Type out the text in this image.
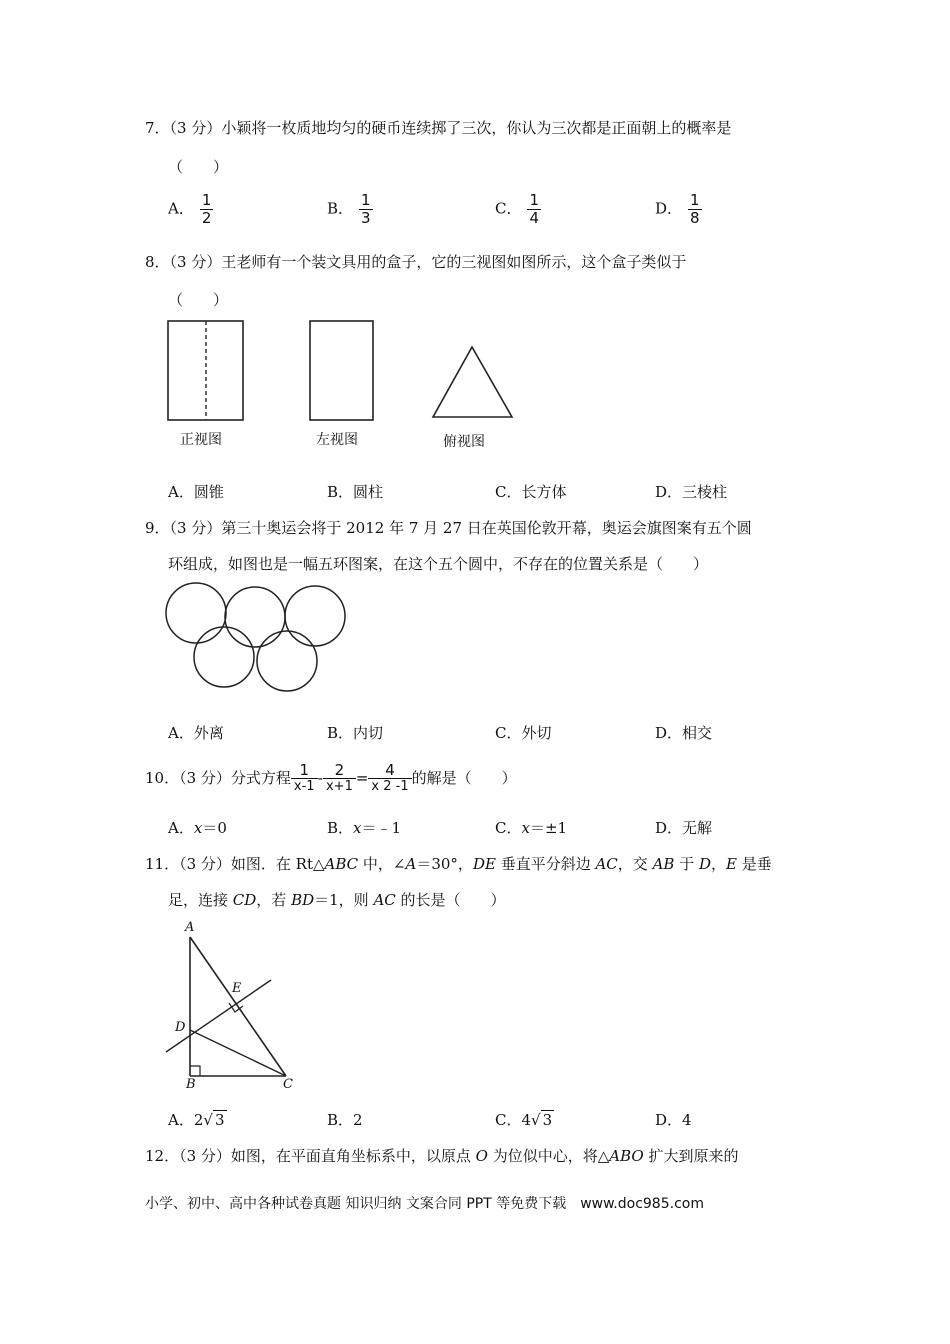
7．（3 分）小颖将一枚质地均匀的硬币连续掷了三次，你认为三次都是正面朝上的概率是
（　　）
A． $\frac{1}{2}$	B． $\frac{1}{3}$	C． $\frac{1}{4}$	D． $\frac{1}{8}$
8．（3 分）王老师有一个装文具用的盒子，它的三视图如图所示，这个盒子类似于
（　　）
正视图	左视图	俯视图
A．圆锥	B．圆柱	C．长方体	D．三棱柱
9．（3 分）第三十奥运会将于 2012 年 7 月 27 日在英国伦敦开幕，奥运会旗图案有五个圆
环组成，如图也是一幅五环图案，在这个五个圆中，不存在的位置关系是（　　）
A．外离	B．内切	C．外切	D．相交
10．（3 分）分式方程 $\frac{1}{x-1} - \frac{2}{x+1} = \frac{4}{x 2 -1}$ 的解是（　　）
A．x＝0	B．x＝﹣1	C．x＝±1	D．无解
11．（3 分）如图．在 Rt△ABC 中，∠A＝30°，DE 垂直平分斜边 AC，交 AB 于 D，E 是垂
足，连接 CD，若 BD＝1，则 AC 的长是（　　）
A
E
D
B	C
A．2√ 3	B．2	C．4√ 3	D．4
12．（3 分）如图，在平面直角坐标系中，以原点 O 为位似中心，将△ABO 扩大到原来的
小学、初中、高中各种试卷真题 知识归纳 文案合同 PPT 等免费下载　www.doc985.com
